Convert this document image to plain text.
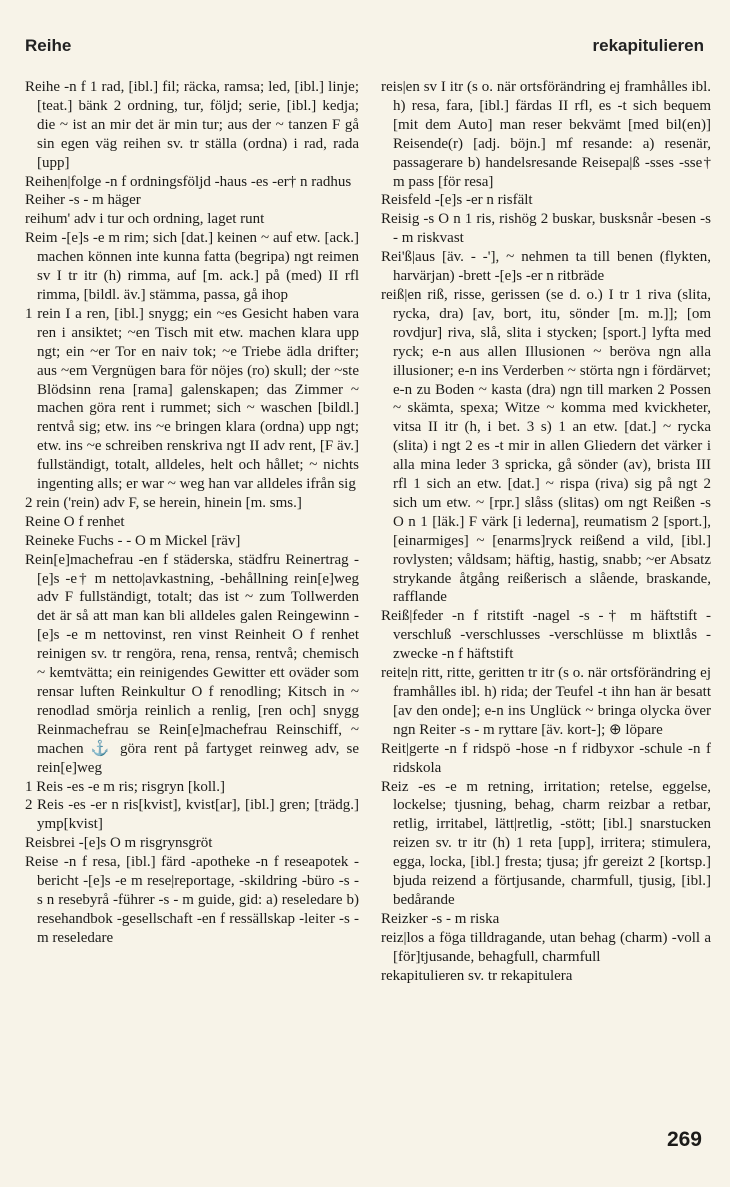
Reihe	rekapitulieren

Reihe -n f 1 rad, [ibl.] fil; räcka, ramsa; led, [ibl.] linje; [teat.] bänk 2 ordning, tur, följd; serie, [ibl.] kedja; die ~ ist an mir det är min tur; aus der ~ tanzen F gå sin egen väg reihen sv. tr ställa (ordna) i rad, rada [upp]

Reihen|folge -n f ordningsföljd -haus -es -er† n radhus

Reiher -s - m häger

reihum' adv i tur och ordning, laget runt

Reim -[e]s -e m rim; sich [dat.] keinen ~ auf etw. [ack.] machen können inte kunna fatta (begripa) ngt reimen sv I tr itr (h) rimma, auf [m. ack.] på (med) II rfl rimma, [bildl. äv.] stämma, passa, gå ihop

1 rein I a ren, [ibl.] snygg; ein ~es Gesicht haben vara ren i ansiktet; ~en Tisch mit etw. machen klara upp ngt; ein ~er Tor en naiv tok; ~e Triebe ädla drifter; aus ~em Vergnügen bara för nöjes (ro) skull; der ~ste Blödsinn rena [rama] galenskapen; das Zimmer ~ machen göra rent i rummet; sich ~ waschen [bildl.] rentvå sig; etw. ins ~e bringen klara (ordna) upp ngt; etw. ins ~e schreiben renskriva ngt II adv rent, [F äv.] fullständigt, totalt, alldeles, helt och hållet; ~ nichts ingenting alls; er war ~ weg han var alldeles ifrån sig

2 rein ('rein) adv F, se herein, hinein [m. sms.]

Reine O f renhet

Reineke Fuchs - - O m Mickel [räv]

Rein[e]machefrau -en f städerska, städfru Reinertrag -[e]s -e† m netto|avkastning, -behållning rein[e]weg adv F fullständigt, totalt; das ist ~ zum Tollwerden det är så att man kan bli alldeles galen Reingewinn -[e]s -e m nettovinst, ren vinst Reinheit O f renhet reinigen sv. tr rengöra, rena, rensa, rentvå; chemisch ~ kemtvätta; ein reinigendes Gewitter ett oväder som rensar luften Reinkultur O f renodling; Kitsch in ~ renodlad smörja reinlich a renlig, [ren och] snygg Reinmachefrau se Rein[e]machefrau Reinschiff, ~ machen ⚓ göra rent på fartyget reinweg adv, se rein[e]weg

1 Reis -es -e m ris; risgryn [koll.]

2 Reis -es -er n ris[kvist], kvist[ar], [ibl.] gren; [trädg.] ymp[kvist]

Reisbrei -[e]s O m risgrynsgröt

Reise -n f resa, [ibl.] färd -apotheke -n f reseapotek -bericht -[e]s -e m rese|reportage, -skildring -büro -s -s n resebyrå -führer -s - m guide, gid: a) reseledare b) resehandbok -gesellschaft -en f ressällskap -leiter -s - m reseledare

reis|en sv I itr (s o. när ortsförändring ej framhålles ibl. h) resa, fara, [ibl.] färdas II rfl, es -t sich bequem [mit dem Auto] man reser bekvämt [med bil(en)] Reisende(r) [adj. böjn.] mf resande: a) resenär, passagerare b) handelsresande Reisepa|ß -sses -sse† m pass [för resa]

Reisfeld -[e]s -er n risfält

Reisig -s O n 1 ris, rishög 2 buskar, busksnår -besen -s - m riskvast

Rei'ß|aus [äv. - -'], ~ nehmen ta till benen (flykten, harvärjan) -brett -[e]s -er n ritbräde

reiß|en riß, risse, gerissen (se d. o.) I tr 1 riva (slita, rycka, dra) [av, bort, itu, sönder [m. m.]]; [om rovdjur] riva, slå, slita i stycken; [sport.] lyfta med ryck; e-n aus allen Illusionen ~ beröva ngn alla illusioner; e-n ins Verderben ~ störta ngn i fördärvet; e-n zu Boden ~ kasta (dra) ngn till marken 2 Possen ~ skämta, spexa; Witze ~ komma med kvickheter, vitsa II itr (h, i bet. 3 s) 1 an etw. [dat.] ~ rycka (slita) i ngt 2 es -t mir in allen Gliedern det värker i alla mina leder 3 spricka, gå sönder (av), brista III rfl 1 sich an etw. [dat.] ~ rispa (riva) sig på ngt 2 sich um etw. ~ [rpr.] slåss (slitas) om ngt Reißen -s O n 1 [läk.] F värk [i lederna], reumatism 2 [sport.], [einarmiges] ~ [enarms]ryck reißend a vild, [ibl.] rovlysten; våldsam; häftig, hastig, snabb; ~er Absatz strykande åtgång reißerisch a slående, braskande, rafflande

Reiß|feder -n f ritstift -nagel -s -† m häftstift -verschluß -verschlusses -verschlüsse m blixtlås -zwecke -n f häftstift

reite|n ritt, ritte, geritten tr itr (s o. när ortsförändring ej framhålles ibl. h) rida; der Teufel -t ihn han är besatt [av den onde]; e-n ins Unglück ~ bringa olycka över ngn Reiter -s - m ryttare [äv. kort-]; ⊕ löpare

Reit|gerte -n f ridspö -hose -n f ridbyxor -schule -n f ridskola

Reiz -es -e m retning, irritation; retelse, eggelse, lockelse; tjusning, behag, charm reizbar a retbar, retlig, irritabel, lätt|retlig, -stött; [ibl.] snarstucken reizen sv. tr itr (h) 1 reta [upp], irritera; stimulera, egga, locka, [ibl.] fresta; tjusa; jfr gereizt 2 [kortsp.] bjuda reizend a förtjusande, charmfull, tjusig, [ibl.] bedårande

Reizker -s - m riska

reiz|los a föga tilldragande, utan behag (charm) -voll a [för]tjusande, behagfull, charmfull

rekapitulieren sv. tr rekapitulera

269
